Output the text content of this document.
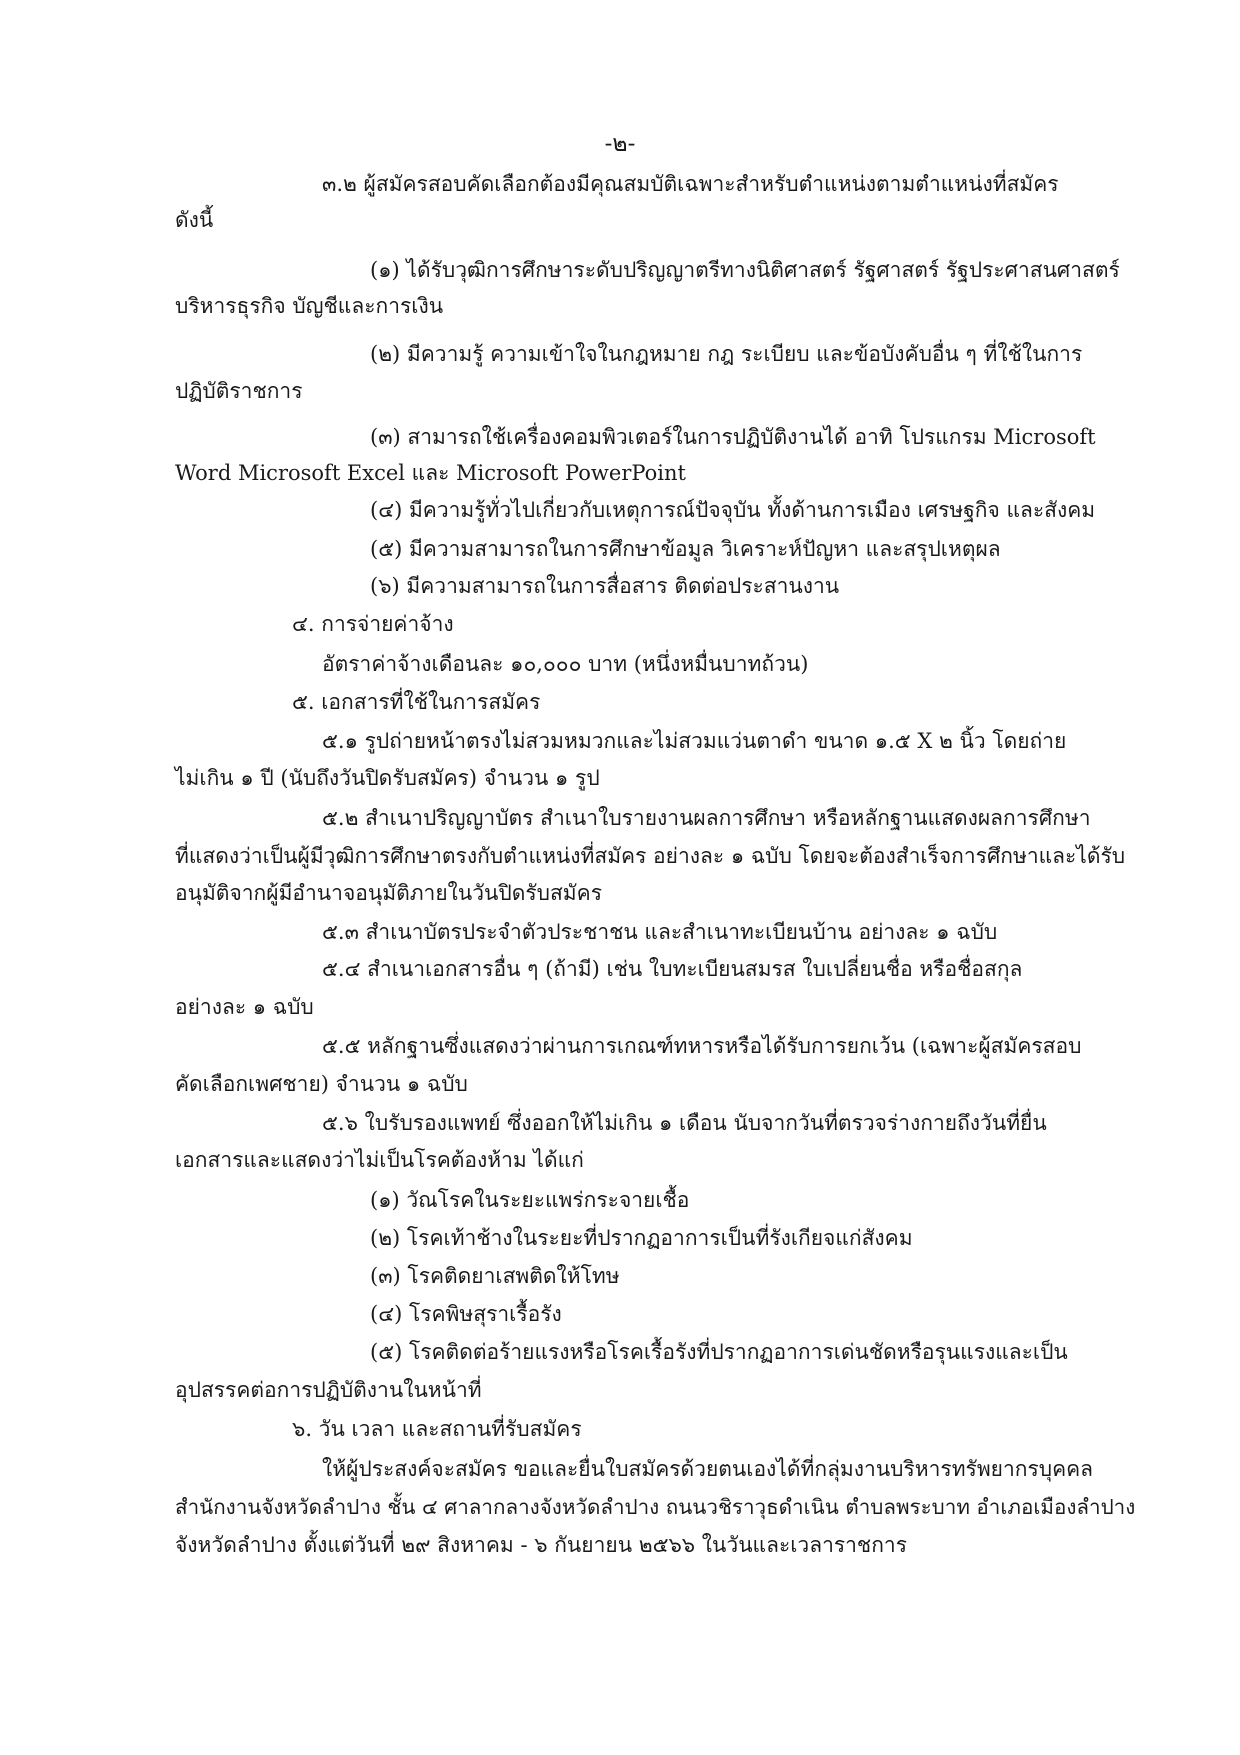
-๒-
๓.๒ ผู้สมัครสอบคัดเลือกต้องมีคุณสมบัติเฉพาะสำหรับตำแหน่งตามตำแหน่งที่สมัคร
ดังนี้
(๑) ได้รับวุฒิการศึกษาระดับปริญญาตรีทางนิติศาสตร์ รัฐศาสตร์ รัฐประศาสนศาสตร์
บริหารธุรกิจ บัญชีและการเงิน
(๒) มีความรู้ ความเข้าใจในกฎหมาย กฎ ระเบียบ และข้อบังคับอื่น ๆ ที่ใช้ในการ
ปฏิบัติราชการ
(๓) สามารถใช้เครื่องคอมพิวเตอร์ในการปฏิบัติงานได้ อาทิ โปรแกรม Microsoft
Word Microsoft Excel และ Microsoft PowerPoint
(๔) มีความรู้ทั่วไปเกี่ยวกับเหตุการณ์ปัจจุบัน ทั้งด้านการเมือง เศรษฐกิจ และสังคม
(๕) มีความสามารถในการศึกษาข้อมูล วิเคราะห์ปัญหา และสรุปเหตุผล
(๖) มีความสามารถในการสื่อสาร ติดต่อประสานงาน
๔. การจ่ายค่าจ้าง
อัตราค่าจ้างเดือนละ ๑๐,๐๐๐ บาท (หนึ่งหมื่นบาทถ้วน)
๕. เอกสารที่ใช้ในการสมัคร
๕.๑ รูปถ่ายหน้าตรงไม่สวมหมวกและไม่สวมแว่นตาดำ ขนาด ๑.๕ X ๒ นิ้ว โดยถ่าย
ไม่เกิน ๑ ปี (นับถึงวันปิดรับสมัคร) จำนวน ๑ รูป
๕.๒ สำเนาปริญญาบัตร สำเนาใบรายงานผลการศึกษา หรือหลักฐานแสดงผลการศึกษา
ที่แสดงว่าเป็นผู้มีวุฒิการศึกษาตรงกับตำแหน่งที่สมัคร อย่างละ ๑ ฉบับ โดยจะต้องสำเร็จการศึกษาและได้รับ
อนุมัติจากผู้มีอำนาจอนุมัติภายในวันปิดรับสมัคร
๕.๓ สำเนาบัตรประจำตัวประชาชน และสำเนาทะเบียนบ้าน อย่างละ ๑ ฉบับ
๕.๔ สำเนาเอกสารอื่น ๆ (ถ้ามี) เช่น ใบทะเบียนสมรส ใบเปลี่ยนชื่อ หรือชื่อสกุล
อย่างละ ๑ ฉบับ
๕.๕ หลักฐานซึ่งแสดงว่าผ่านการเกณฑ์ทหารหรือได้รับการยกเว้น (เฉพาะผู้สมัครสอบ
คัดเลือกเพศชาย) จำนวน ๑ ฉบับ
๕.๖ ใบรับรองแพทย์ ซึ่งออกให้ไม่เกิน ๑ เดือน นับจากวันที่ตรวจร่างกายถึงวันที่ยื่น
เอกสารและแสดงว่าไม่เป็นโรคต้องห้าม ได้แก่
(๑) วัณโรคในระยะแพร่กระจายเชื้อ
(๒) โรคเท้าช้างในระยะที่ปรากฏอาการเป็นที่รังเกียจแก่สังคม
(๓) โรคติดยาเสพติดให้โทษ
(๔) โรคพิษสุราเรื้อรัง
(๕) โรคติดต่อร้ายแรงหรือโรคเรื้อรังที่ปรากฏอาการเด่นชัดหรือรุนแรงและเป็น
อุปสรรคต่อการปฏิบัติงานในหน้าที่
๖. วัน เวลา และสถานที่รับสมัคร
ให้ผู้ประสงค์จะสมัคร ขอและยื่นใบสมัครด้วยตนเองได้ที่กลุ่มงานบริหารทรัพยากรบุคคล
สำนักงานจังหวัดลำปาง ชั้น ๔ ศาลากลางจังหวัดลำปาง ถนนวชิราวุธดำเนิน ตำบลพระบาท อำเภอเมืองลำปาง
จังหวัดลำปาง ตั้งแต่วันที่ ๒๙ สิงหาคม - ๖ กันยายน ๒๕๖๖ ในวันและเวลาราชการ
